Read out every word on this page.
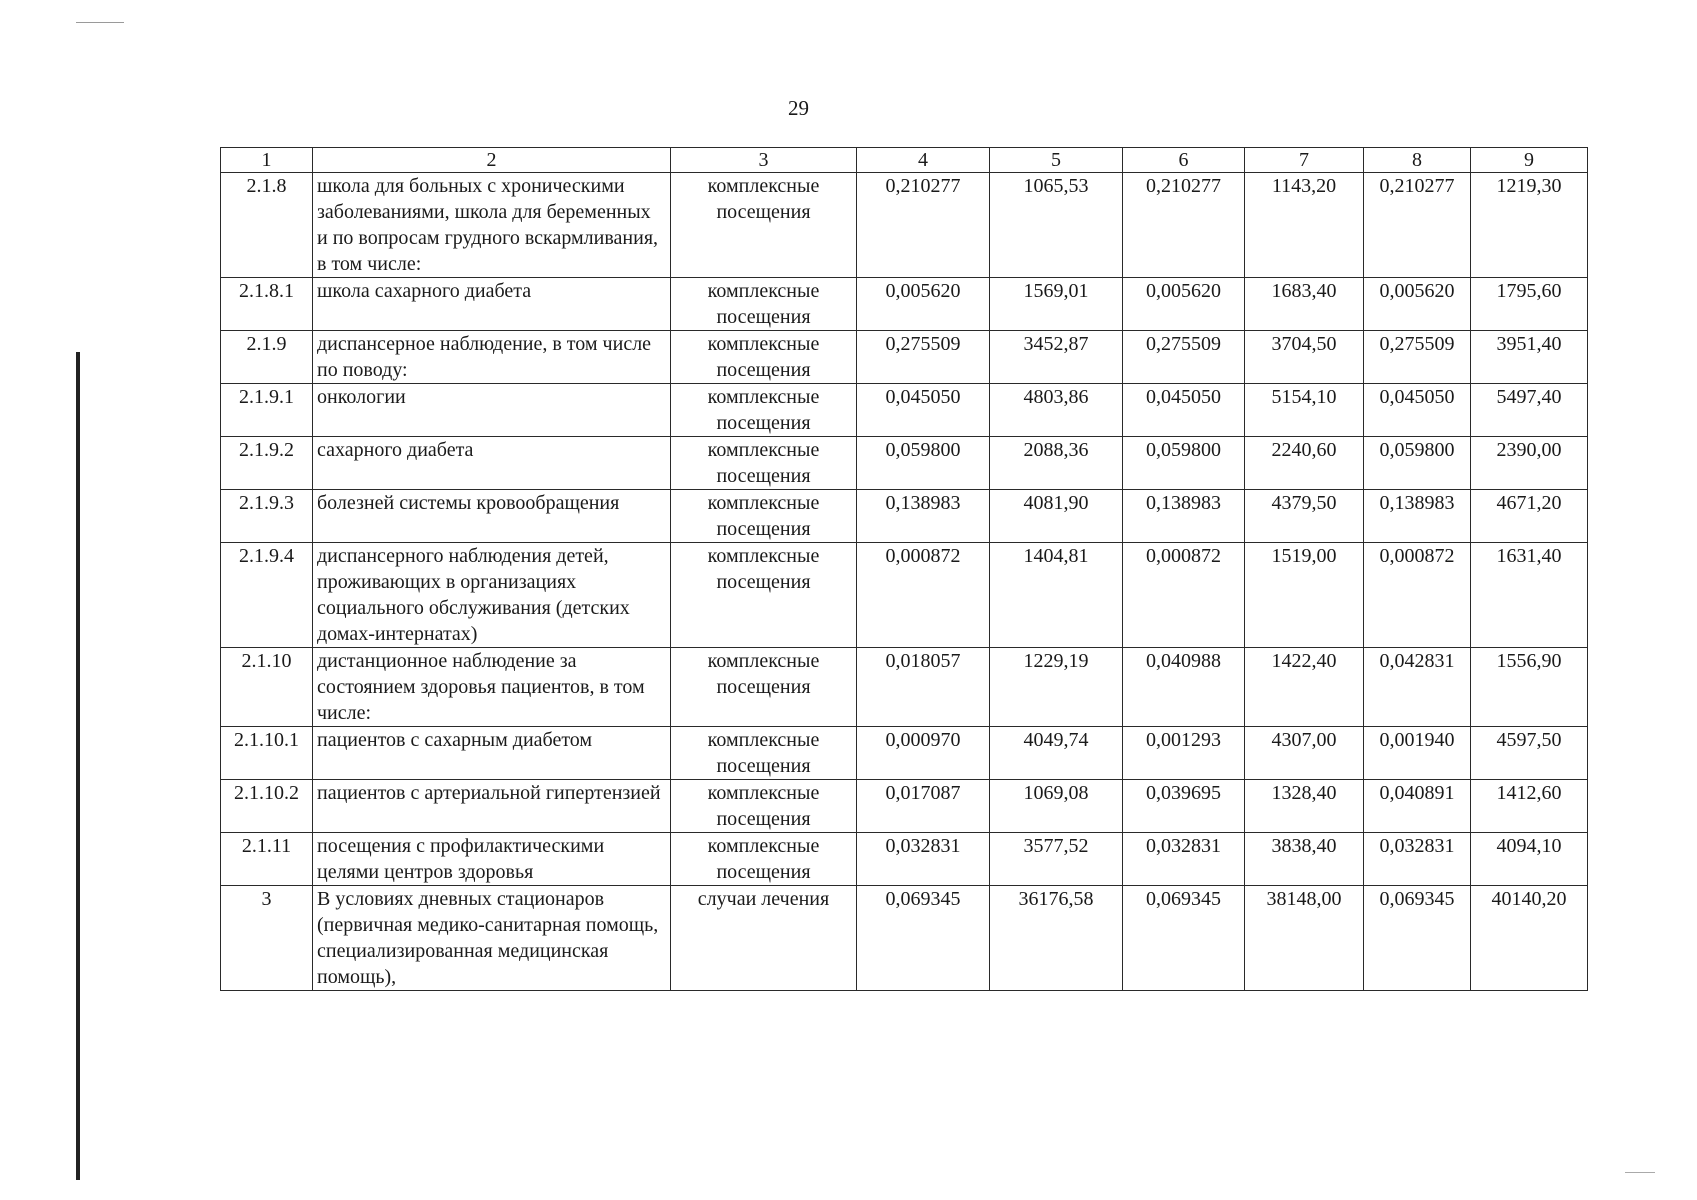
29
1	2	3	4	5	6	7	8	9
2.1.8	школа для больных с хроническими заболеваниями, школа для беременных и по вопросам грудного вскармливания, в том числе:	комплексные посещения	0,210277	1065,53	0,210277	1143,20	0,210277	1219,30
2.1.8.1	школа сахарного диабета	комплексные посещения	0,005620	1569,01	0,005620	1683,40	0,005620	1795,60
2.1.9	диспансерное наблюдение, в том числе по поводу:	комплексные посещения	0,275509	3452,87	0,275509	3704,50	0,275509	3951,40
2.1.9.1	онкологии	комплексные посещения	0,045050	4803,86	0,045050	5154,10	0,045050	5497,40
2.1.9.2	сахарного диабета	комплексные посещения	0,059800	2088,36	0,059800	2240,60	0,059800	2390,00
2.1.9.3	болезней системы кровообращения	комплексные посещения	0,138983	4081,90	0,138983	4379,50	0,138983	4671,20
2.1.9.4	диспансерного наблюдения детей, проживающих в организациях социального обслуживания (детских домах-интернатах)	комплексные посещения	0,000872	1404,81	0,000872	1519,00	0,000872	1631,40
2.1.10	дистанционное наблюдение за состоянием здоровья пациентов, в том числе:	комплексные посещения	0,018057	1229,19	0,040988	1422,40	0,042831	1556,90
2.1.10.1	пациентов с сахарным диабетом	комплексные посещения	0,000970	4049,74	0,001293	4307,00	0,001940	4597,50
2.1.10.2	пациентов с артериальной гипертензией	комплексные посещения	0,017087	1069,08	0,039695	1328,40	0,040891	1412,60
2.1.11	посещения с профилактическими целями центров здоровья	комплексные посещения	0,032831	3577,52	0,032831	3838,40	0,032831	4094,10
3	В условиях дневных стационаров (первичная медико-санитарная помощь, специализированная медицинская помощь),	случаи лечения	0,069345	36176,58	0,069345	38148,00	0,069345	40140,20
